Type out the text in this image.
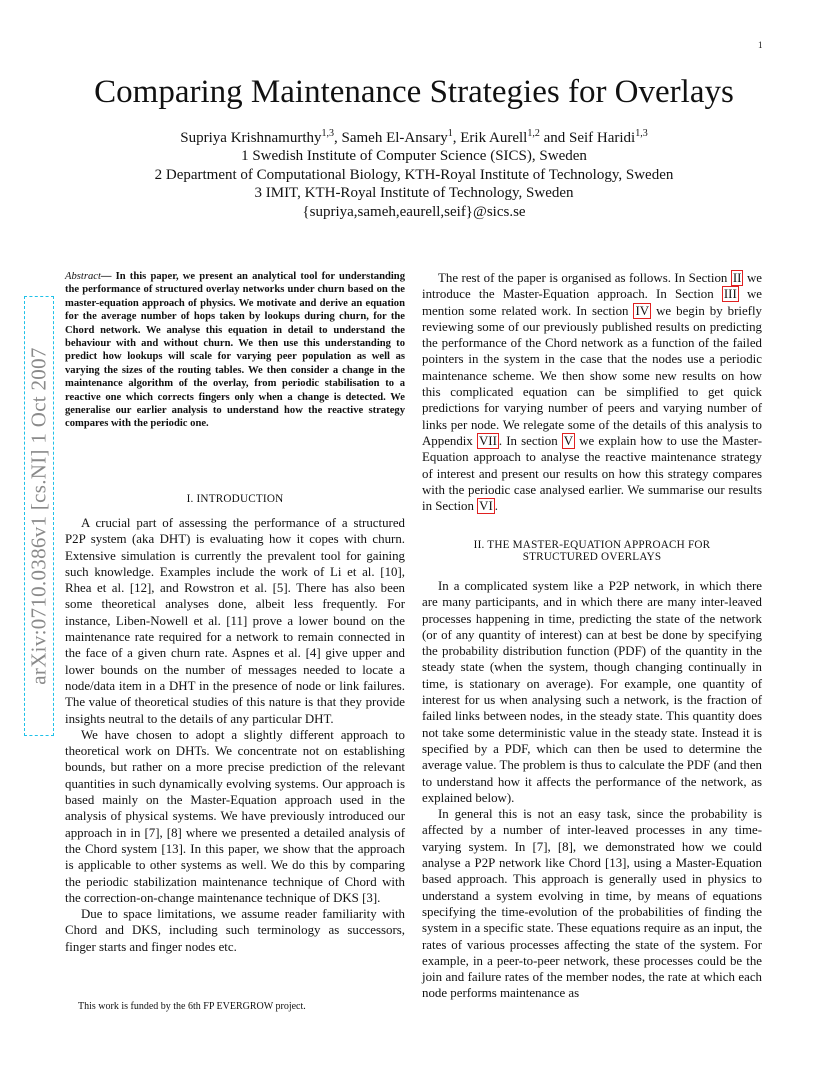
1
Comparing Maintenance Strategies for Overlays
Supriya Krishnamurthy$^{1,3}$, Sameh El-Ansary$^1$, Erik Aurell$^{1,2}$ and Seif Haridi$^{1,3}$
1 Swedish Institute of Computer Science (SICS), Sweden
2 Department of Computational Biology, KTH-Royal Institute of Technology, Sweden
3 IMIT, KTH-Royal Institute of Technology, Sweden
{supriya,sameh,eaurell,seif}@sics.se
arXiv:0710.0386v1 [cs.NI] 1 Oct 2007
Abstract— In this paper, we present an analytical tool for understanding the performance of structured overlay networks under churn based on the master-equation approach of physics. We motivate and derive an equation for the average number of hops taken by lookups during churn, for the Chord network. We analyse this equation in detail to understand the behaviour with and without churn. We then use this understanding to predict how lookups will scale for varying peer population as well as varying the sizes of the routing tables. We then consider a change in the maintenance algorithm of the overlay, from periodic stabilisation to a reactive one which corrects fingers only when a change is detected. We generalise our earlier analysis to understand how the reactive strategy compares with the periodic one.
I. INTRODUCTION

A crucial part of assessing the performance of a structured P2P system (aka DHT) is evaluating how it copes with churn. Extensive simulation is currently the prevalent tool for gaining such knowledge. Examples include the work of Li et al. [10], Rhea et al. [12], and Rowstron et al. [5]. There has also been some theoretical analyses done, albeit less frequently. For instance, Liben-Nowell et al. [11] prove a lower bound on the maintenance rate required for a network to remain connected in the face of a given churn rate. Aspnes et al. [4] give upper and lower bounds on the number of messages needed to locate a node/data item in a DHT in the presence of node or link failures. The value of theoretical studies of this nature is that they provide insights neutral to the details of any particular DHT.

We have chosen to adopt a slightly different approach to theoretical work on DHTs. We concentrate not on establishing bounds, but rather on a more precise prediction of the relevant quantities in such dynamically evolving systems. Our approach is based mainly on the Master-Equation approach used in the analysis of physical systems. We have previously introduced our approach in in [7], [8] where we presented a detailed analysis of the Chord system [13]. In this paper, we show that the approach is applicable to other systems as well. We do this by comparing the periodic stabilization maintenance technique of Chord with the correction-on-change maintenance technique of DKS [3].

Due to space limitations, we assume reader familiarity with Chord and DKS, including such terminology as successors, finger starts and finger nodes etc.

This work is funded by the 6th FP EVERGROW project.

The rest of the paper is organised as follows. In Section II we introduce the Master-Equation approach. In Section III we mention some related work. In section IV we begin by briefly reviewing some of our previously published results on predicting the performance of the Chord network as a function of the failed pointers in the system in the case that the nodes use a periodic maintenance scheme. We then show some new results on how this complicated equation can be simplified to get quick predictions for varying number of peers and varying number of links per node. We relegate some of the details of this analysis to Appendix VII . In section V we explain how to use the Master-Equation approach to analyse the reactive maintenance strategy of interest and present our results on how this strategy compares with the periodic case analysed earlier. We summarise our results in Section VI .

II. THE MASTER-EQUATION APPROACH FOR
STRUCTURED OVERLAYS

In a complicated system like a P2P network, in which there are many participants, and in which there are many inter-leaved processes happening in time, predicting the state of the network (or of any quantity of interest) can at best be done by specifying the probability distribution function (PDF) of the quantity in the steady state (when the system, though changing continually in time, is stationary on average). For example, one quantity of interest for us when analysing such a network, is the fraction of failed links between nodes, in the steady state. This quantity does not take some deterministic value in the steady state. Instead it is specified by a PDF, which can then be used to determine the average value. The problem is thus to calculate the PDF (and then to understand how it affects the performance of the network, as explained below).

In general this is not an easy task, since the probability is affected by a number of inter-leaved processes in any time-varying system. In [7], [8], we demonstrated how we could analyse a P2P network like Chord [13], using a Master-Equation based approach. This approach is generally used in physics to understand a system evolving in time, by means of equations specifying the time-evolution of the probabilities of finding the system in a specific state. These equations require as an input, the rates of various processes affecting the state of the system. For example, in a peer-to-peer network, these processes could be the join and failure rates of the member nodes, the rate at which each node performs maintenance as
